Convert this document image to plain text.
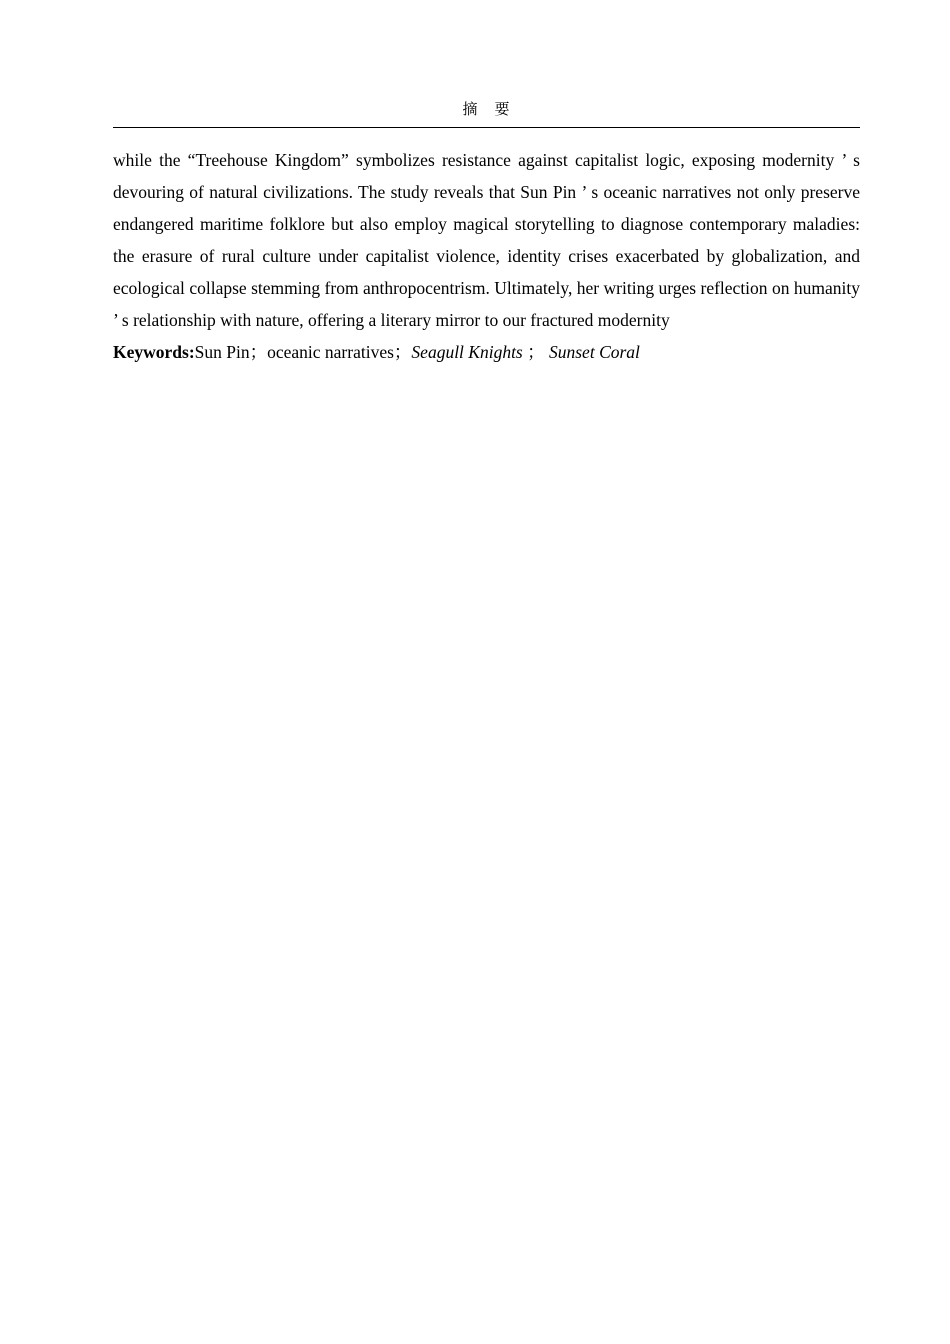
摘　要

while the “Treehouse Kingdom” symbolizes resistance against capitalist logic, exposing modernity ’ s devouring of natural civilizations. The study reveals that Sun Pin ’ s oceanic narratives not only preserve endangered maritime folklore but also employ magical storytelling to diagnose contemporary maladies: the erasure of rural culture under capitalist violence, identity crises exacerbated by globalization, and ecological collapse stemming from anthropocentrism. Ultimately, her writing urges reflection on humanity ’ s relationship with nature, offering a literary mirror to our fractured modernity

Keywords:Sun Pin；oceanic narratives；Seagull Knights ； Sunset Coral
